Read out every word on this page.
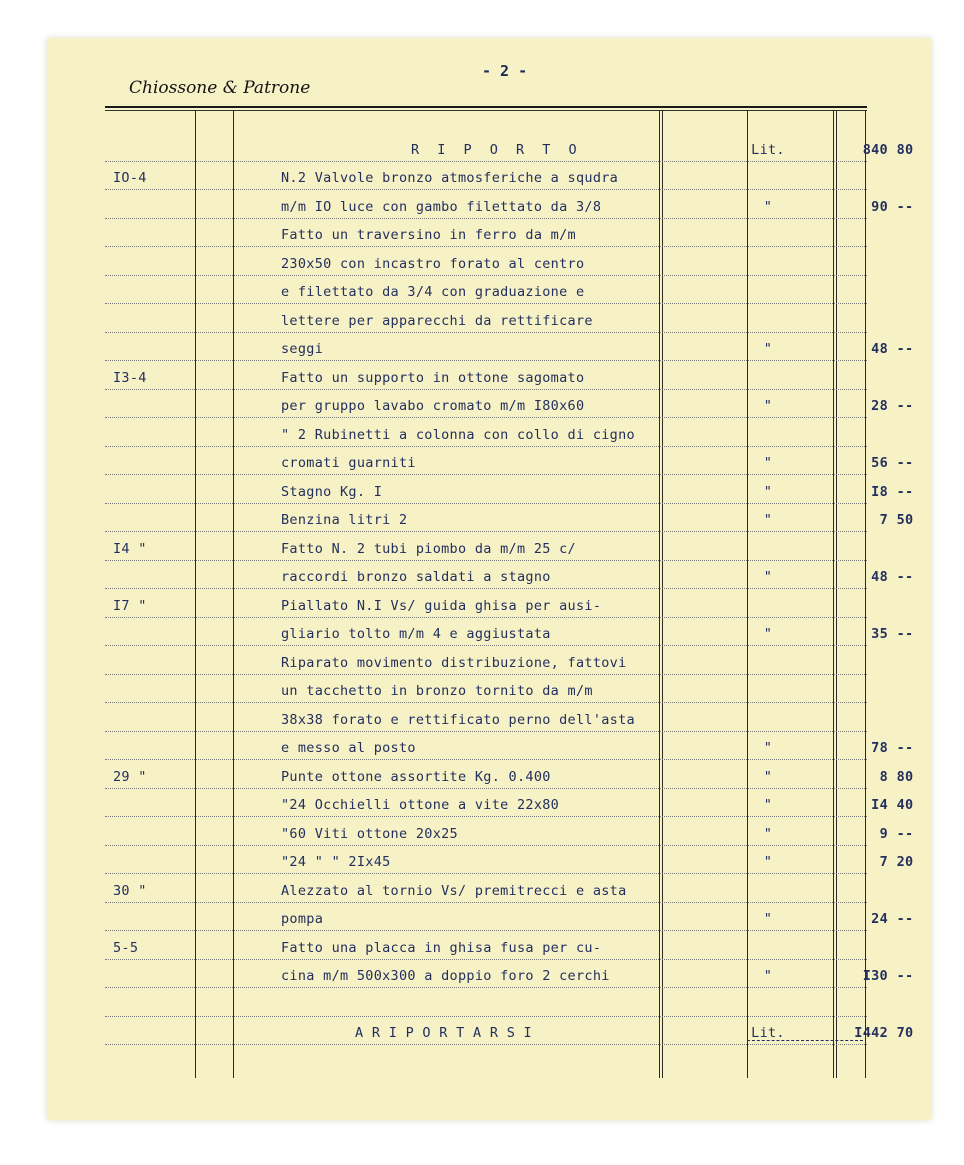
Chiossone & Patrone
- 2 -
R I P O R T O	Lit.	840 80
IO-4	N.2 Valvole bronzo atmosferiche a squdra
m/m IO luce con gambo filettato da 3/8	"	90 --
Fatto un traversino in ferro da m/m
230x50 con incastro forato al centro
e filettato da 3/4 con graduazione e
lettere per apparecchi da rettificare
seggi	"	48 --
I3-4	Fatto un supporto in ottone sagomato
per gruppo lavabo cromato m/m I80x60	"	28 --
" 2 Rubinetti a colonna con collo di cigno
cromati guarniti	"	56 --
Stagno Kg. I	"	I8 --
Benzina litri 2	"	7 50
I4 "	Fatto N. 2 tubi piombo da m/m 25 c/
raccordi bronzo saldati a stagno	"	48 --
I7 "	Piallato N.I Vs/ guida ghisa per ausi-
gliario tolto m/m 4 e aggiustata	"	35 --
Riparato movimento distribuzione, fattovi
un tacchetto in bronzo tornito da m/m
38x38 forato e rettificato perno dell'asta
e messo al posto	"	78 --
29 "	Punte ottone assortite Kg. 0.400	"	8 80
"24 Occhielli ottone a vite 22x80	"	I4 40
"60 Viti ottone 20x25	"	9 --
"24 " " 2Ix45	"	7 20
30 "	Alezzato al tornio Vs/ premitrecci e asta
pompa	"	24 --
5-5	Fatto una placca in ghisa fusa per cu-
cina m/m 500x300 a doppio foro 2 cerchi	"	I30 --
A R I P O R T A R S I	Lit.	I442 70
